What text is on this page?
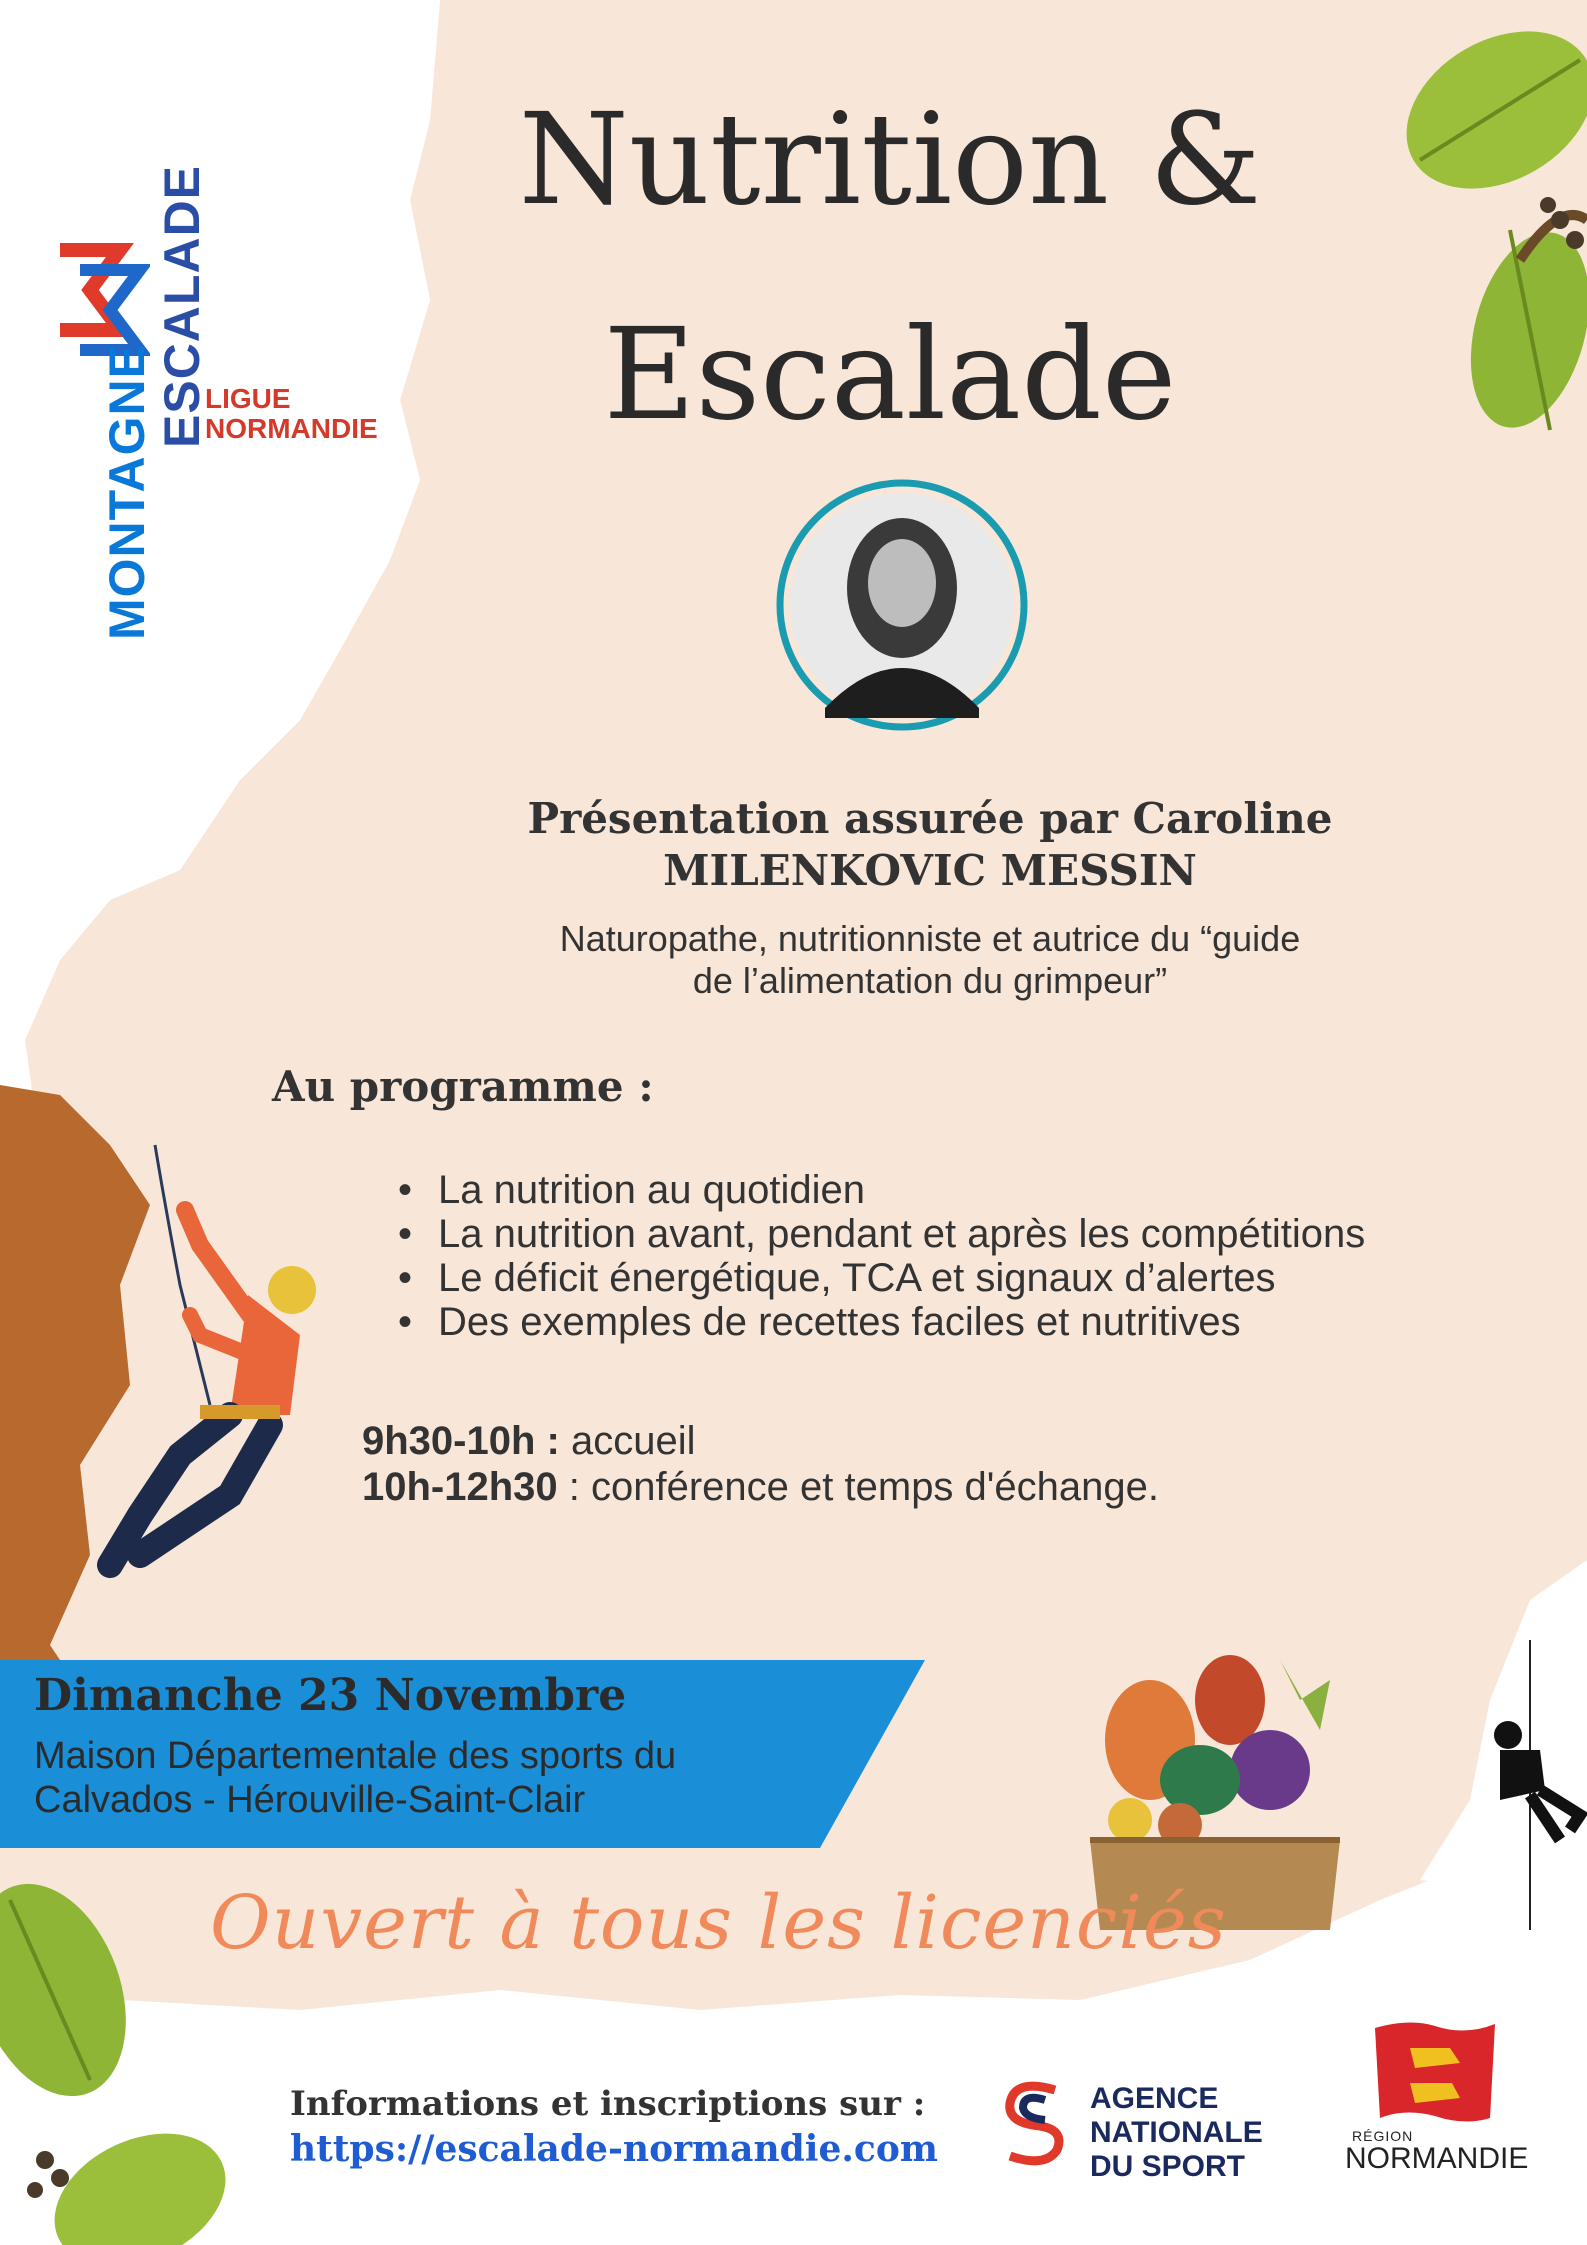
MONTAGNE
ESCALADE
LIGUE
NORMANDIE
Nutrition &
Escalade
Présentation assurée par Caroline
MILENKOVIC MESSIN
Naturopathe, nutritionniste et autrice du “guide
de l’alimentation du grimpeur”
Au programme :
• La nutrition au quotidien
• La nutrition avant, pendant et après les compétitions
• Le déficit énergétique, TCA et signaux d’alertes
• Des exemples de recettes faciles et nutritives
9h30-10h : accueil
10h-12h30 : conférence et temps d'échange.
Dimanche 23 Novembre
Maison Départementale des sports du
Calvados - Hérouville-Saint-Clair
Ouvert à tous les licenciés
Informations et inscriptions sur :
https://escalade-normandie.com
AGENCE
NATIONALE
DU SPORT
RÉGION
NORMANDIE
